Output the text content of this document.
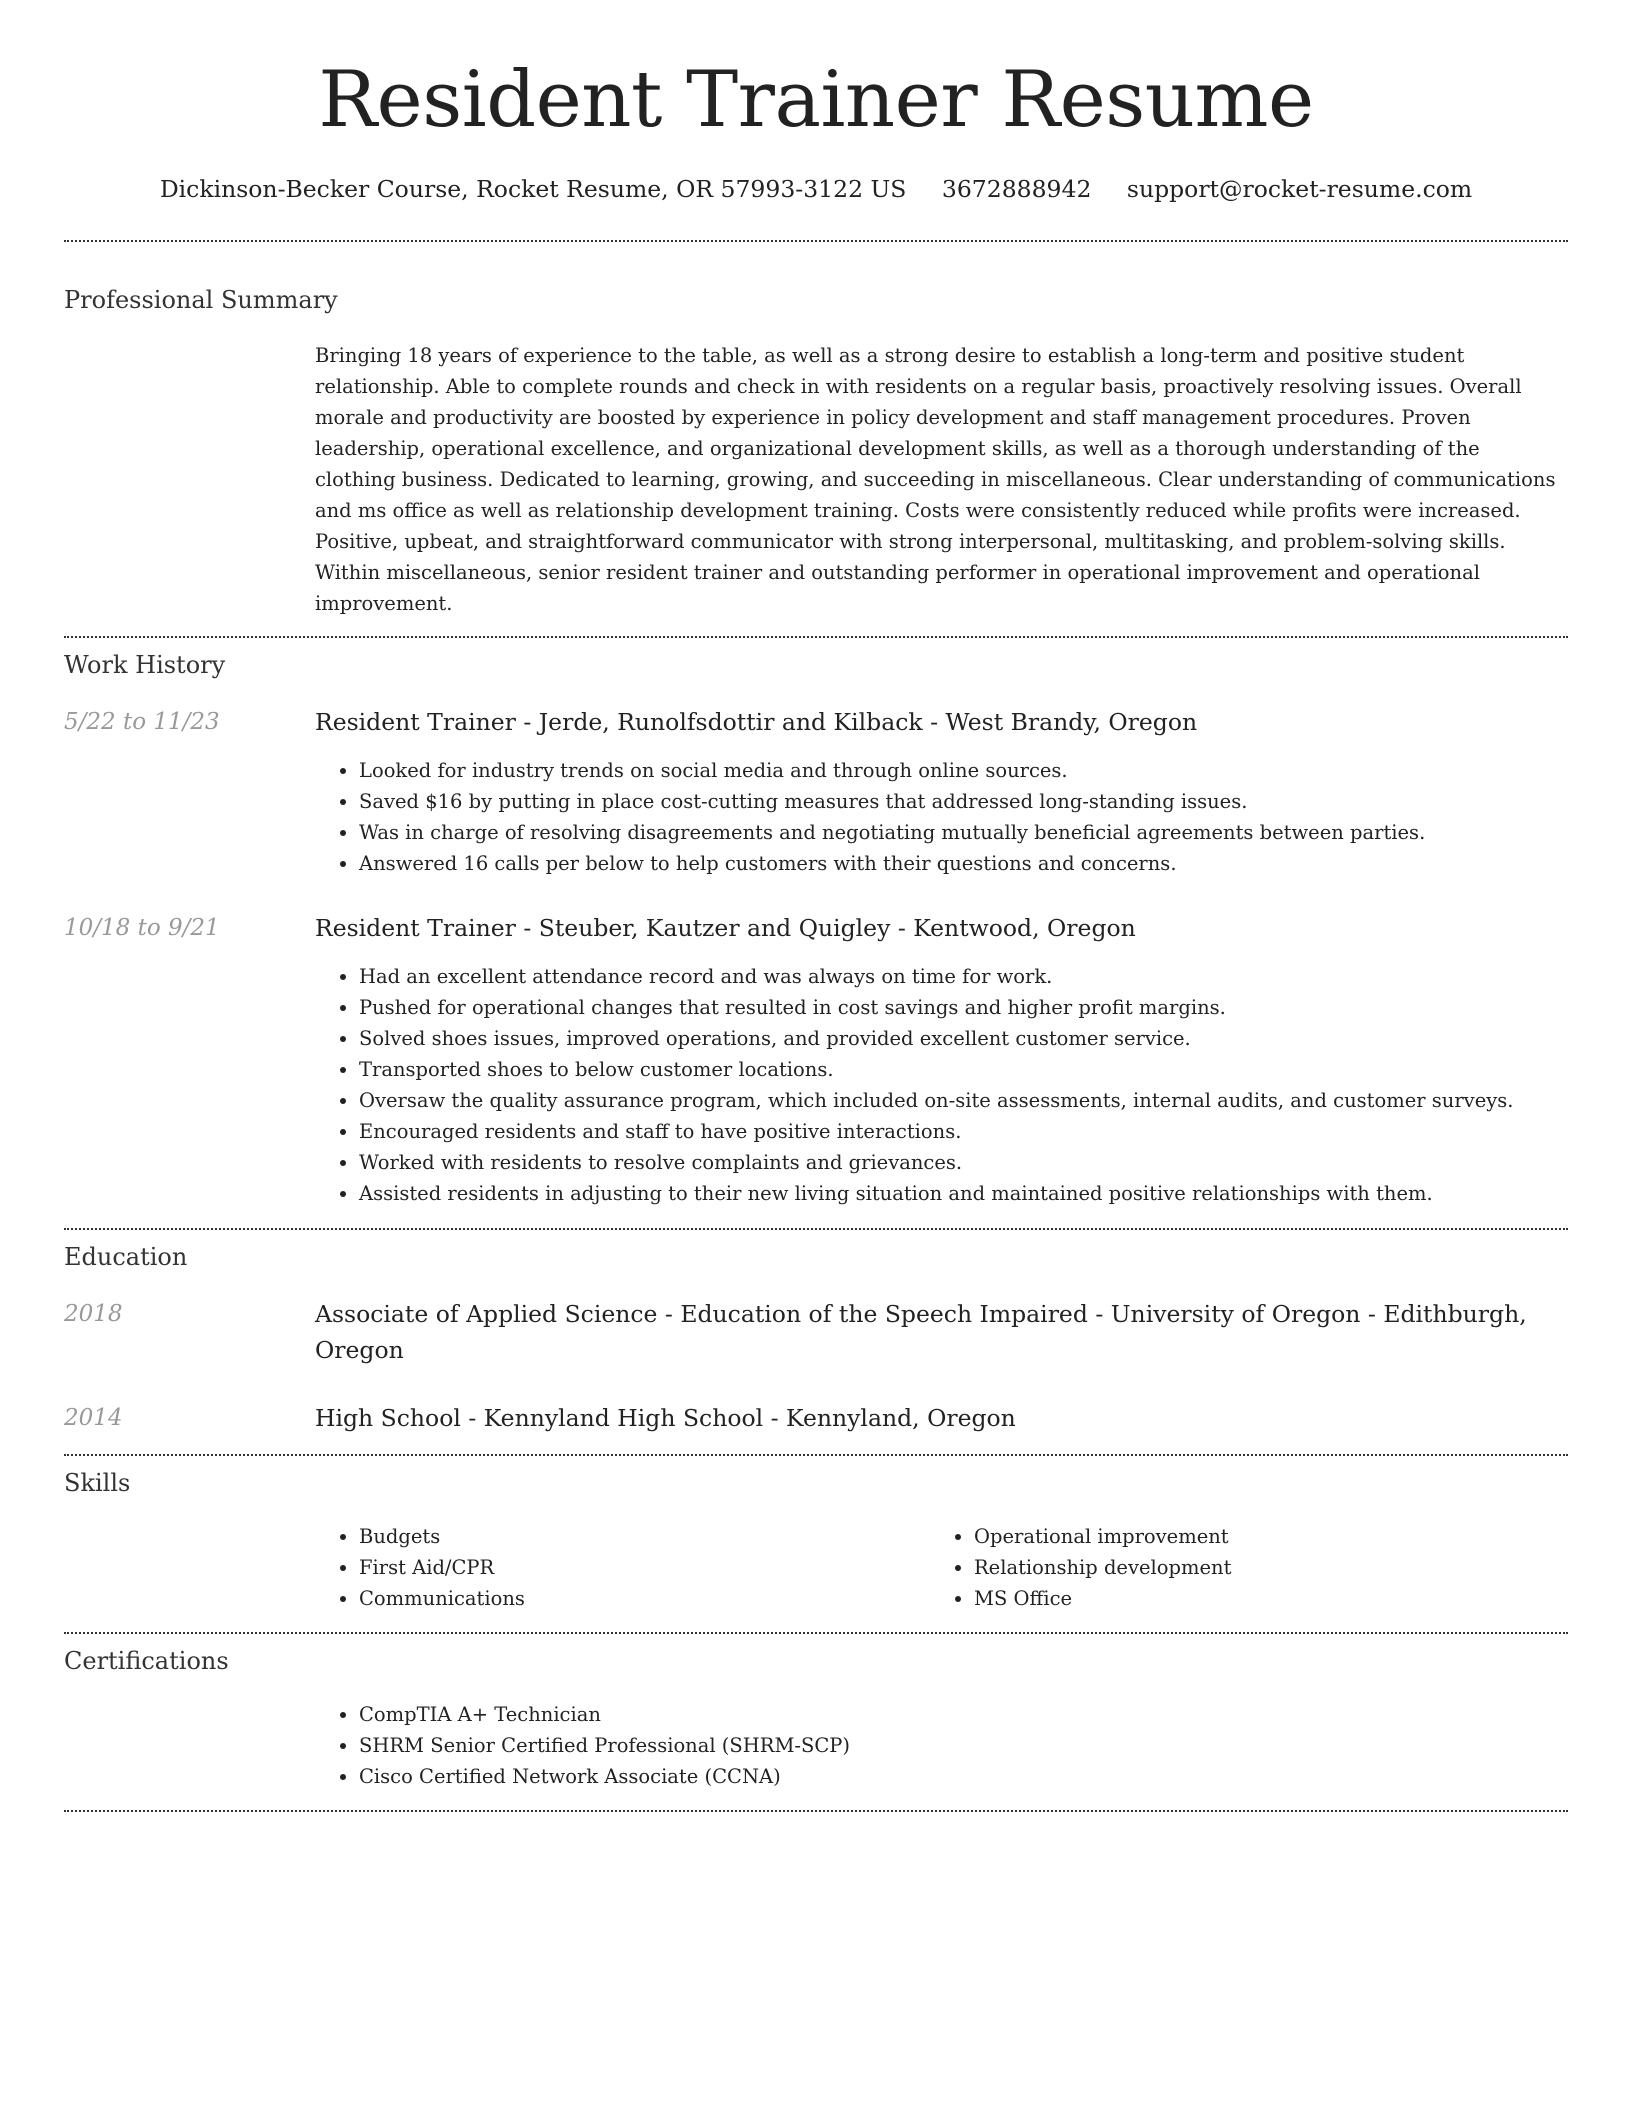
Resident Trainer Resume
Dickinson-Becker Course, Rocket Resume, OR 57993-3122 US 3672888942 support@rocket-resume.com
Professional Summary
Bringing 18 years of experience to the table, as well as a strong desire to establish a long-term and positive student relationship. Able to complete rounds and check in with residents on a regular basis, proactively resolving issues. Overall morale and productivity are boosted by experience in policy development and staff management procedures. Proven leadership, operational excellence, and organizational development skills, as well as a thorough understanding of the clothing business. Dedicated to learning, growing, and succeeding in miscellaneous. Clear understanding of communications and ms office as well as relationship development training. Costs were consistently reduced while profits were increased. Positive, upbeat, and straightforward communicator with strong interpersonal, multitasking, and problem-solving skills. Within miscellaneous, senior resident trainer and outstanding performer in operational improvement and operational improvement.
Work History
5/22 to 11/23	Resident Trainer - Jerde, Runolfsdottir and Kilback - West Brandy, Oregon
• Looked for industry trends on social media and through online sources.
• Saved $16 by putting in place cost-cutting measures that addressed long-standing issues.
• Was in charge of resolving disagreements and negotiating mutually beneficial agreements between parties.
• Answered 16 calls per below to help customers with their questions and concerns.
10/18 to 9/21	Resident Trainer - Steuber, Kautzer and Quigley - Kentwood, Oregon
• Had an excellent attendance record and was always on time for work.
• Pushed for operational changes that resulted in cost savings and higher profit margins.
• Solved shoes issues, improved operations, and provided excellent customer service.
• Transported shoes to below customer locations.
• Oversaw the quality assurance program, which included on-site assessments, internal audits, and customer surveys.
• Encouraged residents and staff to have positive interactions.
• Worked with residents to resolve complaints and grievances.
• Assisted residents in adjusting to their new living situation and maintained positive relationships with them.
Education
2018	Associate of Applied Science - Education of the Speech Impaired - University of Oregon - Edithburgh, Oregon
2014	High School - Kennyland High School - Kennyland, Oregon
Skills
• Budgets
• First Aid/CPR
• Communications
• Operational improvement
• Relationship development
• MS Office
Certifications
• CompTIA A+ Technician
• SHRM Senior Certified Professional (SHRM-SCP)
• Cisco Certified Network Associate (CCNA)
